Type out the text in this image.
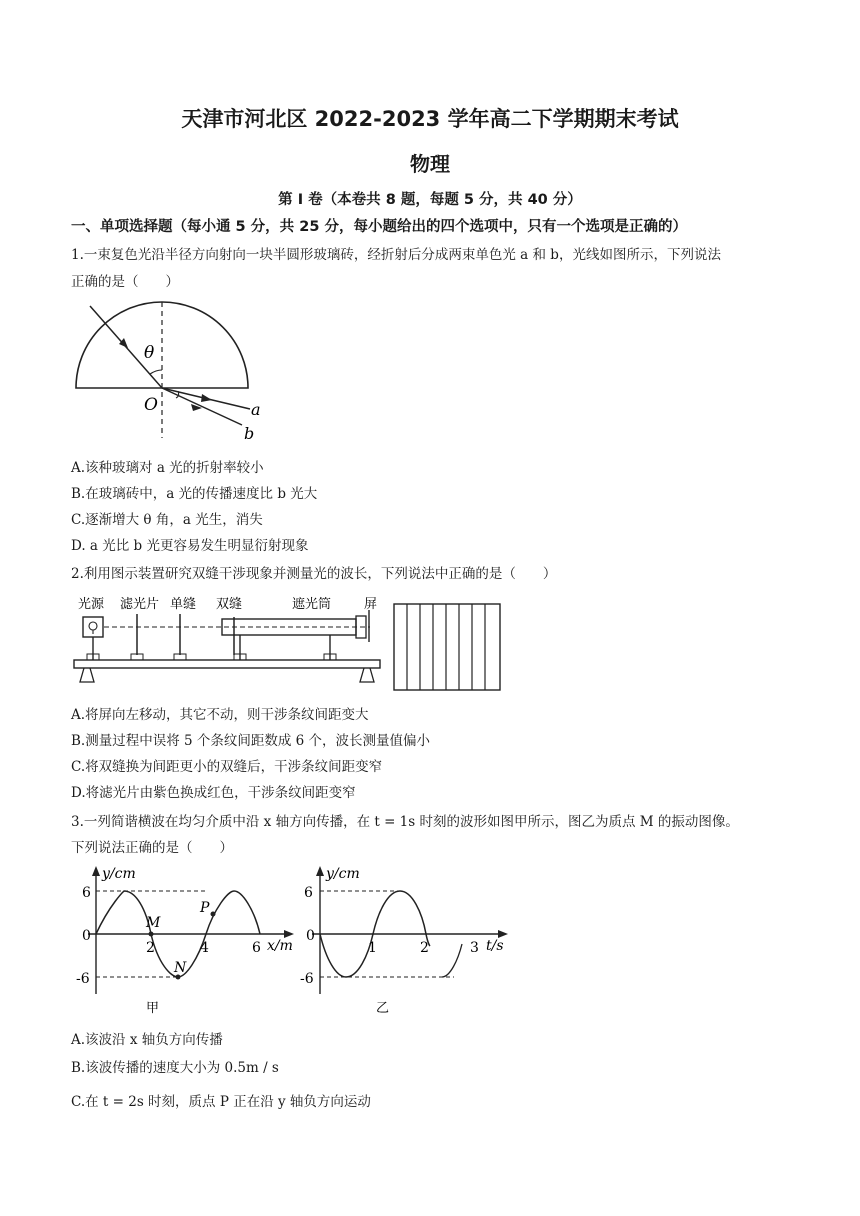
天津市河北区 2022-2023 学年高二下学期期末考试
物理
第 I 卷（本卷共 8 题，每题 5 分，共 40 分）
一、单项选择题（每小通 5 分，共 25 分，每小题给出的四个选项中，只有一个选项是正确的）
1.一束复色光沿半径方向射向一块半圆形玻璃砖，经折射后分成两束单色光 a 和 b，光线如图所示，下列说法
正确的是（　　）
θ
O	a
b
A.该种玻璃对 a 光的折射率较小
B.在玻璃砖中，a 光的传播速度比 b 光大
C.逐渐增大 θ 角，a 光生，消失
D. a 光比 b 光更容易发生明显衍射现象
2.利用图示装置研究双缝干涉现象并测量光的波长，下列说法中正确的是（　　）
光源 滤光片 单缝 双缝	遮光筒	屏
A.将屏向左移动，其它不动，则干涉条纹间距变大
B.测量过程中误将 5 个条纹间距数成 6 个，波长测量值偏小
C.将双缝换为间距更小的双缝后，干涉条纹间距变窄
D.将滤光片由紫色换成红色，干涉条纹间距变窄
3.一列简谐横波在均匀介质中沿 x 轴方向传播，在 t = 1s 时刻的波形如图甲所示，图乙为质点 M 的振动图像。
下列说法正确的是（　　）
y/cm
x/m
6
0
-6
2	4	6
M
N
P
甲
y/cm
t/s
6
0
-6
1	2	3
乙
A.该波沿 x 轴负方向传播
B.该波传播的速度大小为 0.5m / s
C.在 t = 2s 时刻，质点 P 正在沿 y 轴负方向运动
